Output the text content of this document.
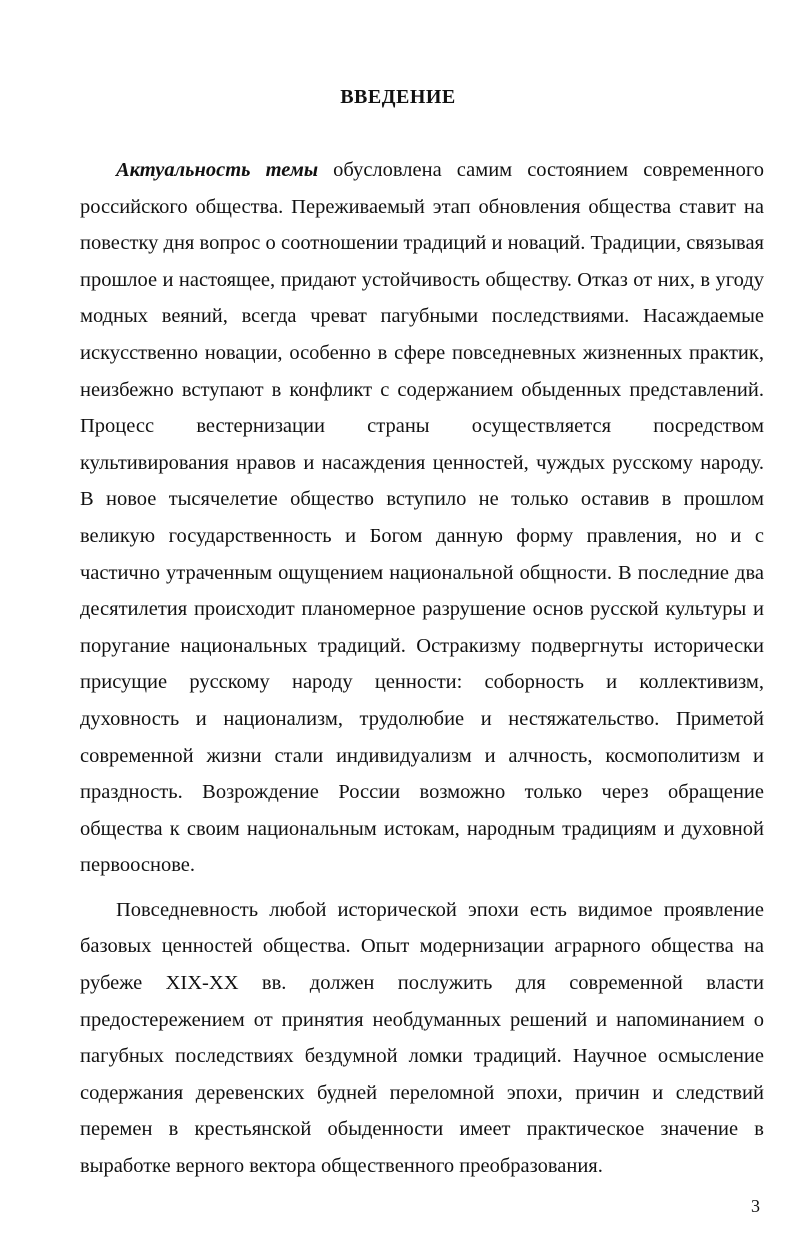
ВВЕДЕНИЕ

Актуальность темы обусловлена самим состоянием современного российского общества. Переживаемый этап обновления общества ставит на повестку дня вопрос о соотношении традиций и новаций. Традиции, связывая прошлое и настоящее, придают устойчивость обществу. Отказ от них, в угоду модных веяний, всегда чреват пагубными последствиями. Насаждаемые искусственно новации, особенно в сфере повседневных жизненных практик, неизбежно вступают в конфликт с содержанием обыденных представлений. Процесс вестернизации страны осуществляется посредством культивирования нравов и насаждения ценностей, чуждых русскому народу. В новое тысячелетие общество вступило не только оставив в прошлом великую государственность и Богом данную форму правления, но и с частично утраченным ощущением национальной общности. В последние два десятилетия происходит планомерное разрушение основ русской культуры и поругание национальных традиций. Остракизму подвергнуты исторически присущие русскому народу ценности: соборность и коллективизм, духовность и национализм, трудолюбие и нестяжательство. Приметой современной жизни стали индивидуализм и алчность, космополитизм и праздность. Возрождение России возможно только через обращение общества к своим национальным истокам, народным традициям и духовной первооснове.

Повседневность любой исторической эпохи есть видимое проявление базовых ценностей общества. Опыт модернизации аграрного общества на рубеже XIX-XX вв. должен послужить для современной власти предостережением от принятия необдуманных решений и напоминанием о пагубных последствиях бездумной ломки традиций. Научное осмысление содержания деревенских будней переломной эпохи, причин и следствий перемен в крестьянской обыденности имеет практическое значение в выработке верного вектора общественного преобразования.

3
